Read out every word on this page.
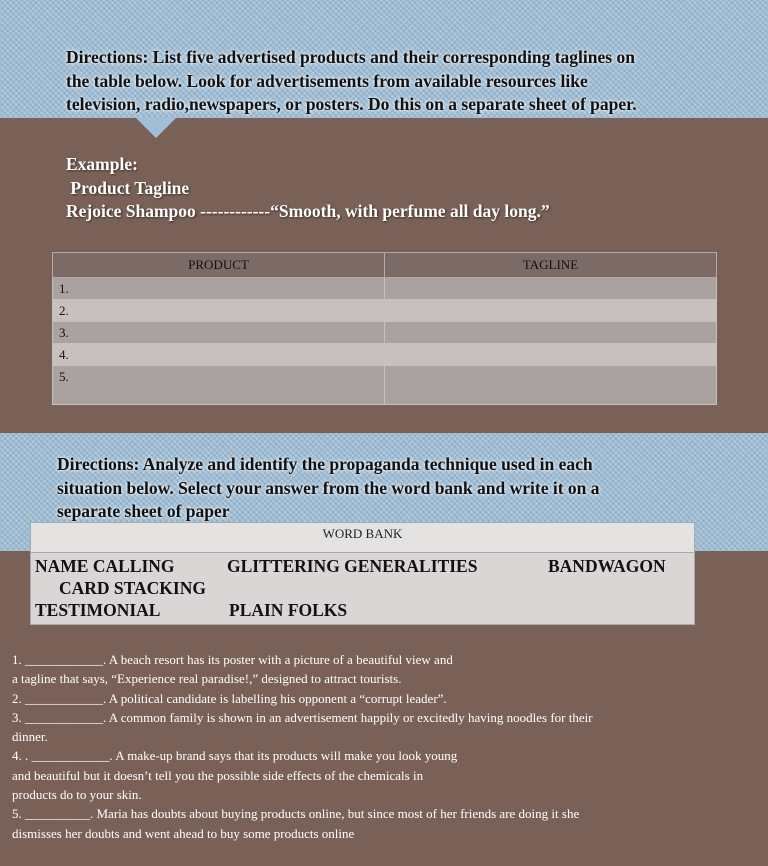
Directions: List five advertised products and their corresponding taglines on
the table below. Look for advertisements from available resources like
television, radio,newspapers, or posters. Do this on a separate sheet of paper.
Example:
Product Tagline
Rejoice Shampoo ------------“Smooth, with perfume all day long.”
PRODUCT	TAGLINE
1.	
2.	
3.	
4.	
5.	
Directions: Analyze and identify the propaganda technique used in each
situation below. Select your answer from the word bank and write it on a
separate sheet of paper
WORD BANK
NAME CALLING	GLITTERING GENERALITIES	BANDWAGON
CARD STACKING
TESTIMONIAL	PLAIN FOLKS
1. ____________. A beach resort has its poster with a picture of a beautiful view and
a tagline that says, “Experience real paradise!,” designed to attract tourists.
2. ____________. A political candidate is labelling his opponent a “corrupt leader”.
3. ____________. A common family is shown in an advertisement happily or excitedly having noodles for their
dinner.
4. . ____________. A make-up brand says that its products will make you look young
and beautiful but it doesn’t tell you the possible side effects of the chemicals in
products do to your skin.
5. __________. Maria has doubts about buying products online, but since most of her friends are doing it she
dismisses her doubts and went ahead to buy some products online
